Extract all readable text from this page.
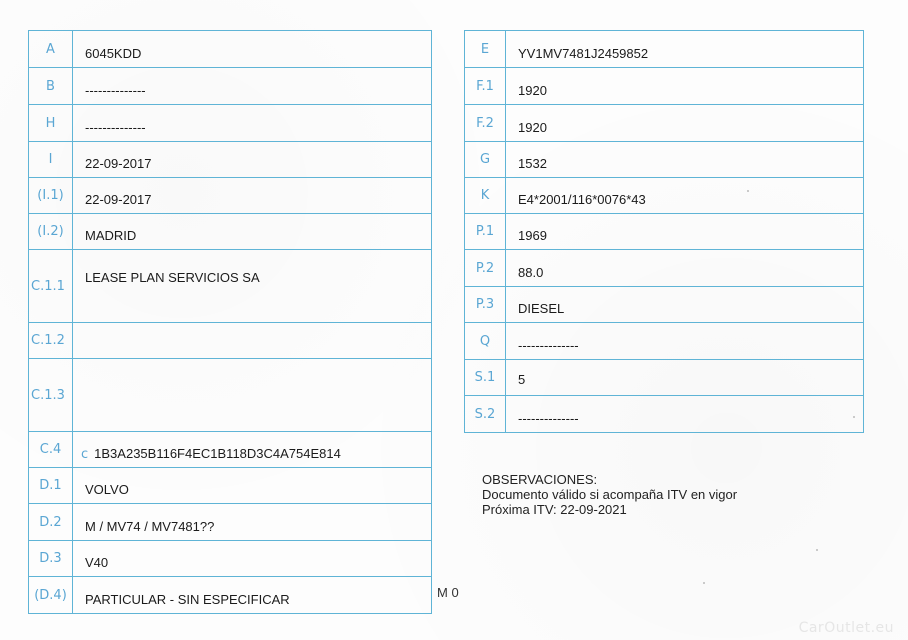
A	6045KDD
B	--------------
H	--------------
I	22-09-2017
(I.1)	22-09-2017
(I.2)	MADRID
C.1.1	LEASE PLAN SERVICIOS SA

C.1.2	
C.1.3	
C.4	c 1B3A235B116F4EC1B118D3C4A754E814
D.1	VOLVO
D.2	M / MV74 / MV7481??
D.3	V40
(D.4)	PARTICULAR - SIN ESPECIFICAR
E	YV1MV7481J2459852
F.1	1920
F.2	1920
G	1532
K	E4*2001/116*0076*43
P.1	1969
P.2	88.0
P.3	DIESEL
Q	--------------
S.1	5

S.2	--------------
M 0
OBSERVACIONES:
Documento válido si acompaña ITV en vigor
Próxima ITV: 22-09-2021
CarOutlet.eu
